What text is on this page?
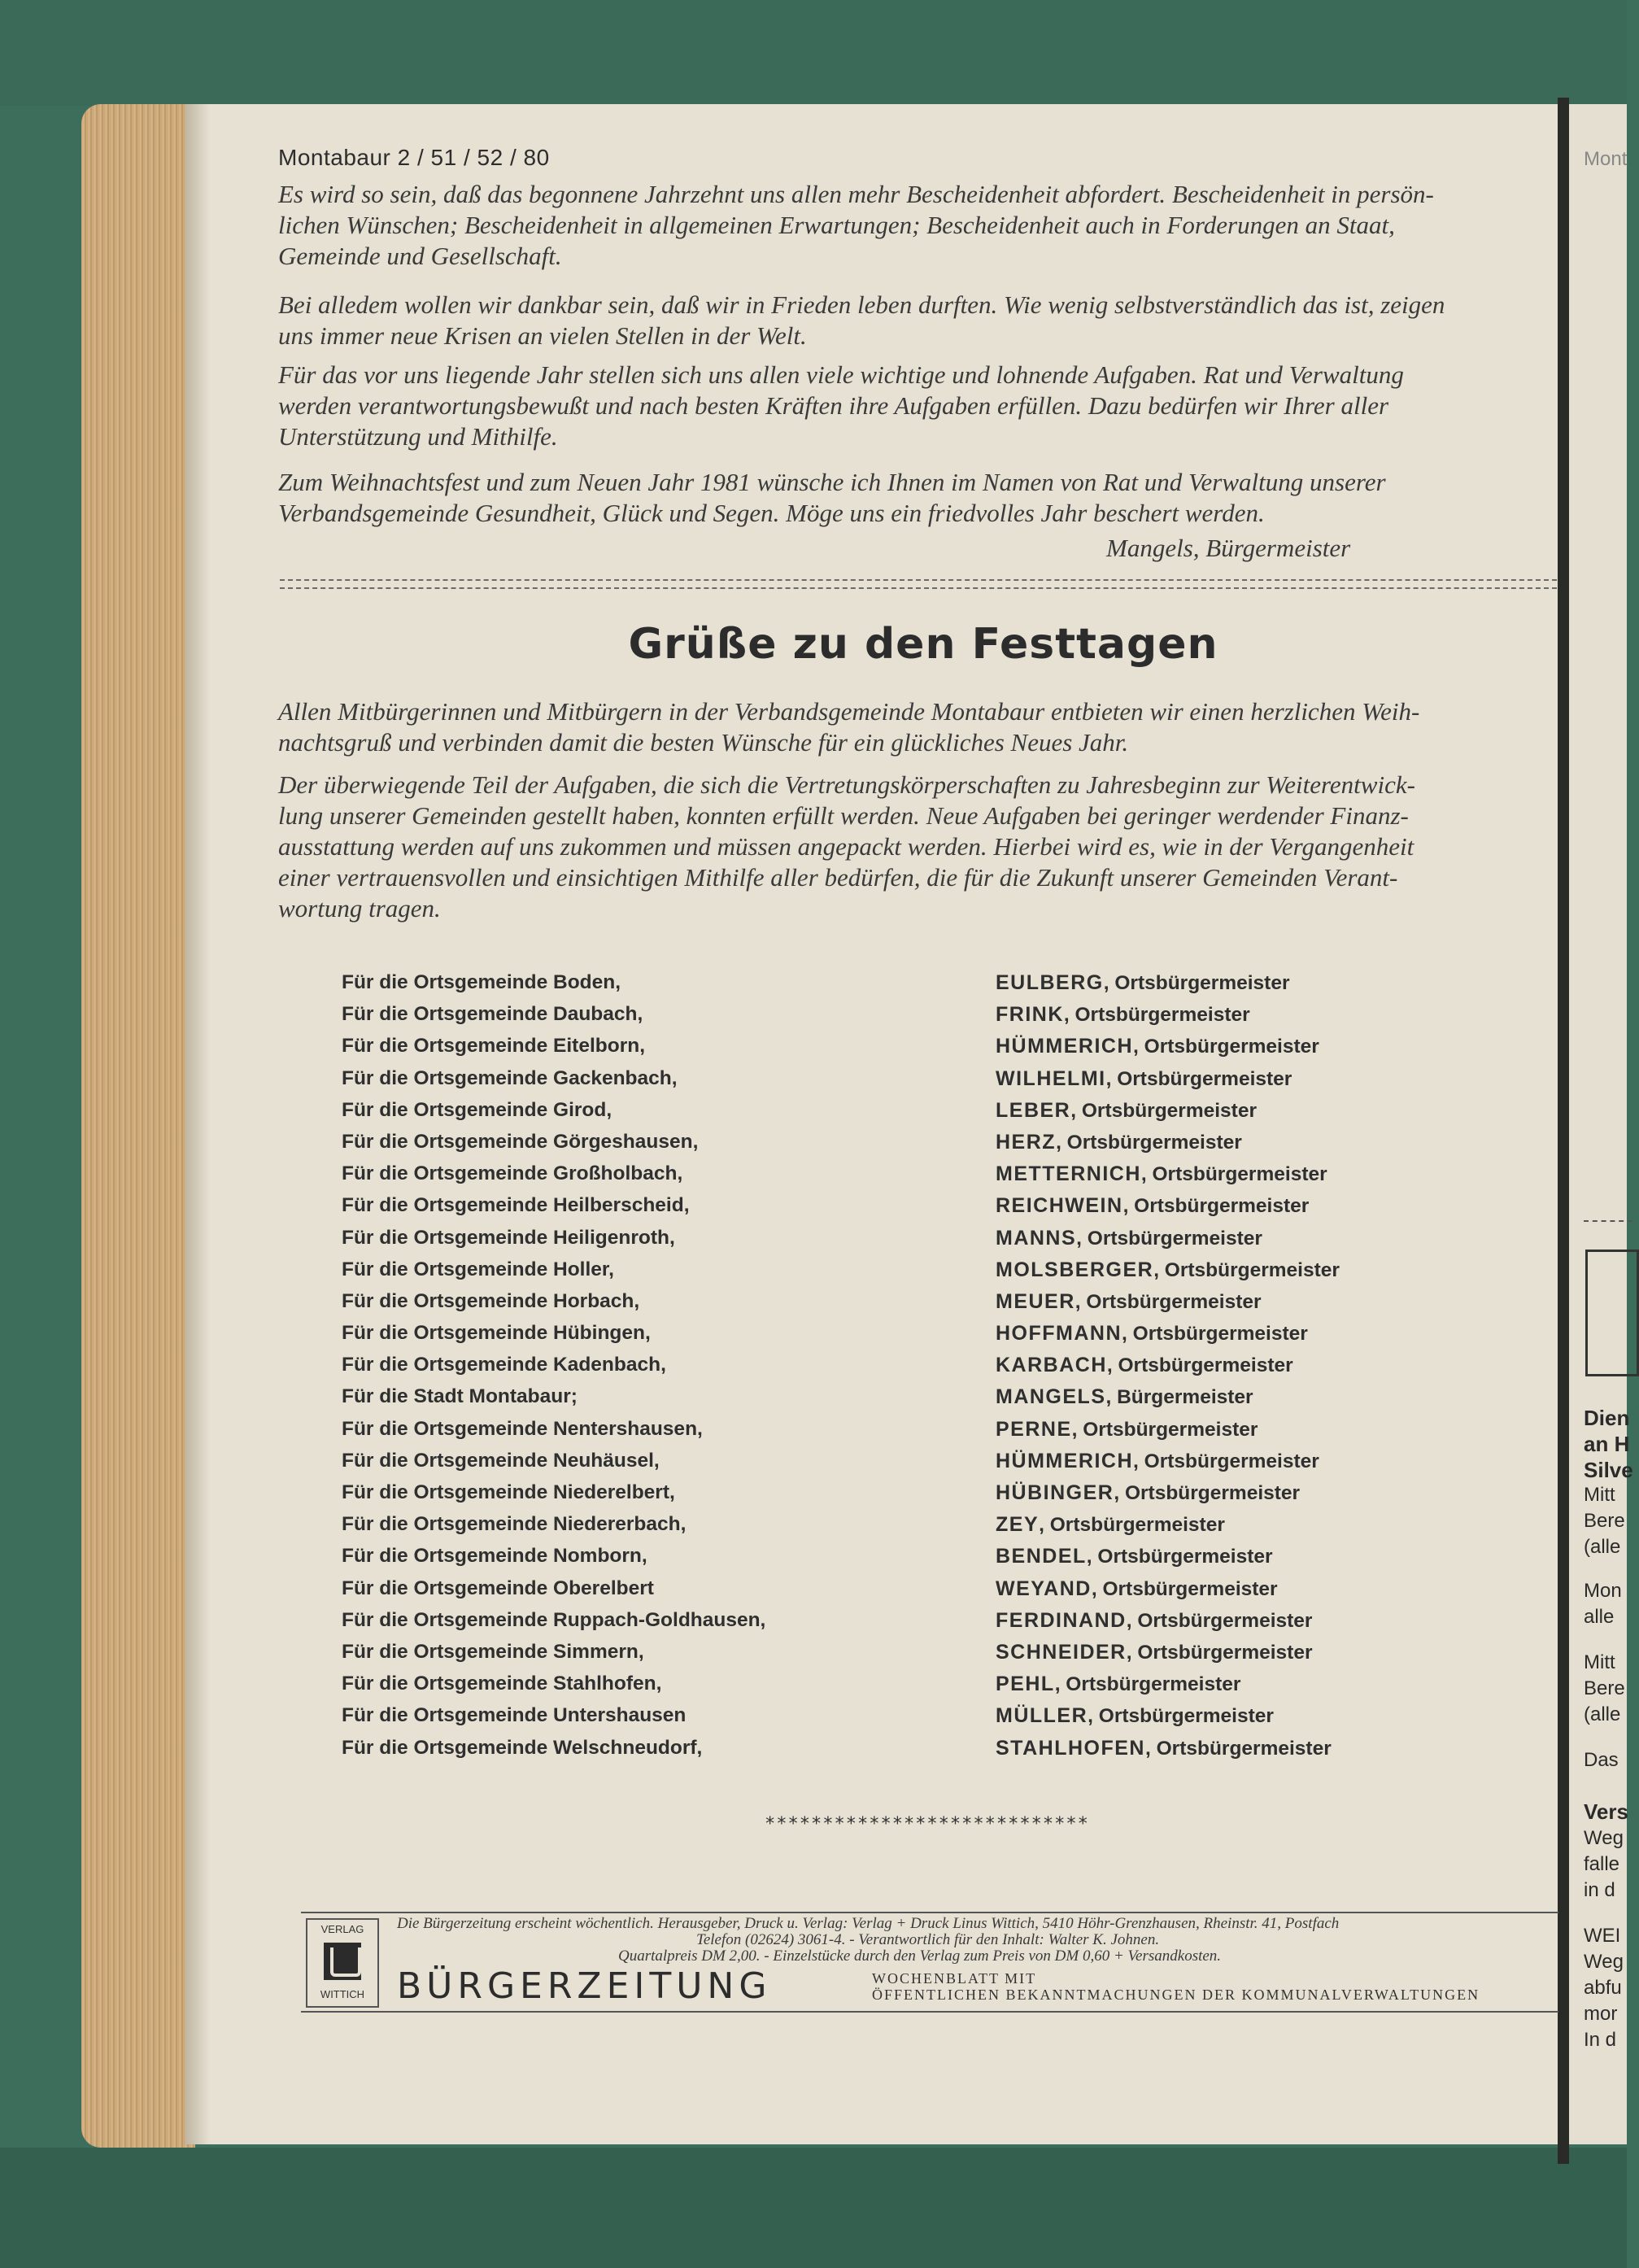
Mont
Dien
an H
Silve
Mitt
Bere
(alle
Mon
alle
Mitt
Bere
(alle
Das
Vers
Weg
falle
in d
WEI
Weg
abfu
mor
In d
Montabaur 2 / 51 / 52 / 80
Es wird so sein, daß das begonnene Jahrzehnt uns allen mehr Bescheidenheit abfordert. Bescheidenheit in persön-
lichen Wünschen; Bescheidenheit in allgemeinen Erwartungen; Bescheidenheit auch in Forderungen an Staat,
Gemeinde und Gesellschaft.
Bei alledem wollen wir dankbar sein, daß wir in Frieden leben durften. Wie wenig selbstverständlich das ist, zeigen
uns immer neue Krisen an vielen Stellen in der Welt.
Für das vor uns liegende Jahr stellen sich uns allen viele wichtige und lohnende Aufgaben. Rat und Verwaltung
werden verantwortungsbewußt und nach besten Kräften ihre Aufgaben erfüllen. Dazu bedürfen wir Ihrer aller
Unterstützung und Mithilfe.
Zum Weihnachtsfest und zum Neuen Jahr 1981 wünsche ich Ihnen im Namen von Rat und Verwaltung unserer
Verbandsgemeinde Gesundheit, Glück und Segen. Möge uns ein friedvolles Jahr beschert werden.
Mangels, Bürgermeister
Grüße zu den Festtagen
Allen Mitbürgerinnen und Mitbürgern in der Verbandsgemeinde Montabaur entbieten wir einen herzlichen Weih-
nachtsgruß und verbinden damit die besten Wünsche für ein glückliches Neues Jahr.
Der überwiegende Teil der Aufgaben, die sich die Vertretungskörperschaften zu Jahresbeginn zur Weiterentwick-
lung unserer Gemeinden gestellt haben, konnten erfüllt werden. Neue Aufgaben bei geringer werdender Finanz-
ausstattung werden auf uns zukommen und müssen angepackt werden. Hierbei wird es, wie in der Vergangenheit
einer vertrauensvollen und einsichtigen Mithilfe aller bedürfen, die für die Zukunft unserer Gemeinden Verant-
wortung tragen.
Für die Ortsgemeinde Boden,	EULBERG, Ortsbürgermeister
Für die Ortsgemeinde Daubach,	FRINK, Ortsbürgermeister
Für die Ortsgemeinde Eitelborn,	HÜMMERICH, Ortsbürgermeister
Für die Ortsgemeinde Gackenbach,	WILHELMI, Ortsbürgermeister
Für die Ortsgemeinde Girod,	LEBER, Ortsbürgermeister
Für die Ortsgemeinde Görgeshausen,	HERZ, Ortsbürgermeister
Für die Ortsgemeinde Großholbach,	METTERNICH, Ortsbürgermeister
Für die Ortsgemeinde Heilberscheid,	REICHWEIN, Ortsbürgermeister
Für die Ortsgemeinde Heiligenroth,	MANNS, Ortsbürgermeister
Für die Ortsgemeinde Holler,	MOLSBERGER, Ortsbürgermeister
Für die Ortsgemeinde Horbach,	MEUER, Ortsbürgermeister
Für die Ortsgemeinde Hübingen,	HOFFMANN, Ortsbürgermeister
Für die Ortsgemeinde Kadenbach,	KARBACH, Ortsbürgermeister
Für die Stadt Montabaur;	MANGELS, Bürgermeister
Für die Ortsgemeinde Nentershausen,	PERNE, Ortsbürgermeister
Für die Ortsgemeinde Neuhäusel,	HÜMMERICH, Ortsbürgermeister
Für die Ortsgemeinde Niederelbert,	HÜBINGER, Ortsbürgermeister
Für die Ortsgemeinde Niedererbach,	ZEY, Ortsbürgermeister
Für die Ortsgemeinde Nomborn,	BENDEL, Ortsbürgermeister
Für die Ortsgemeinde Oberelbert	WEYAND, Ortsbürgermeister
Für die Ortsgemeinde Ruppach-Goldhausen,	FERDINAND, Ortsbürgermeister
Für die Ortsgemeinde Simmern,	SCHNEIDER, Ortsbürgermeister
Für die Ortsgemeinde Stahlhofen,	PEHL, Ortsbürgermeister
Für die Ortsgemeinde Untershausen	MÜLLER, Ortsbürgermeister
Für die Ortsgemeinde Welschneudorf,	STAHLHOFEN, Ortsbürgermeister
****************************
VERLAG
WITTICH
Die Bürgerzeitung erscheint wöchentlich. Herausgeber, Druck u. Verlag: Verlag + Druck Linus Wittich, 5410 Höhr-Grenzhausen, Rheinstr. 41, Postfach
Telefon (02624) 3061-4. - Verantwortlich für den Inhalt: Walter K. Johnen.
Quartalpreis DM 2,00. - Einzelstücke durch den Verlag zum Preis von DM 0,60 + Versandkosten.
BÜRGERZEITUNG	WOCHENBLATT MIT
ÖFFENTLICHEN BEKANNTMACHUNGEN DER KOMMUNALVERWALTUNGEN
